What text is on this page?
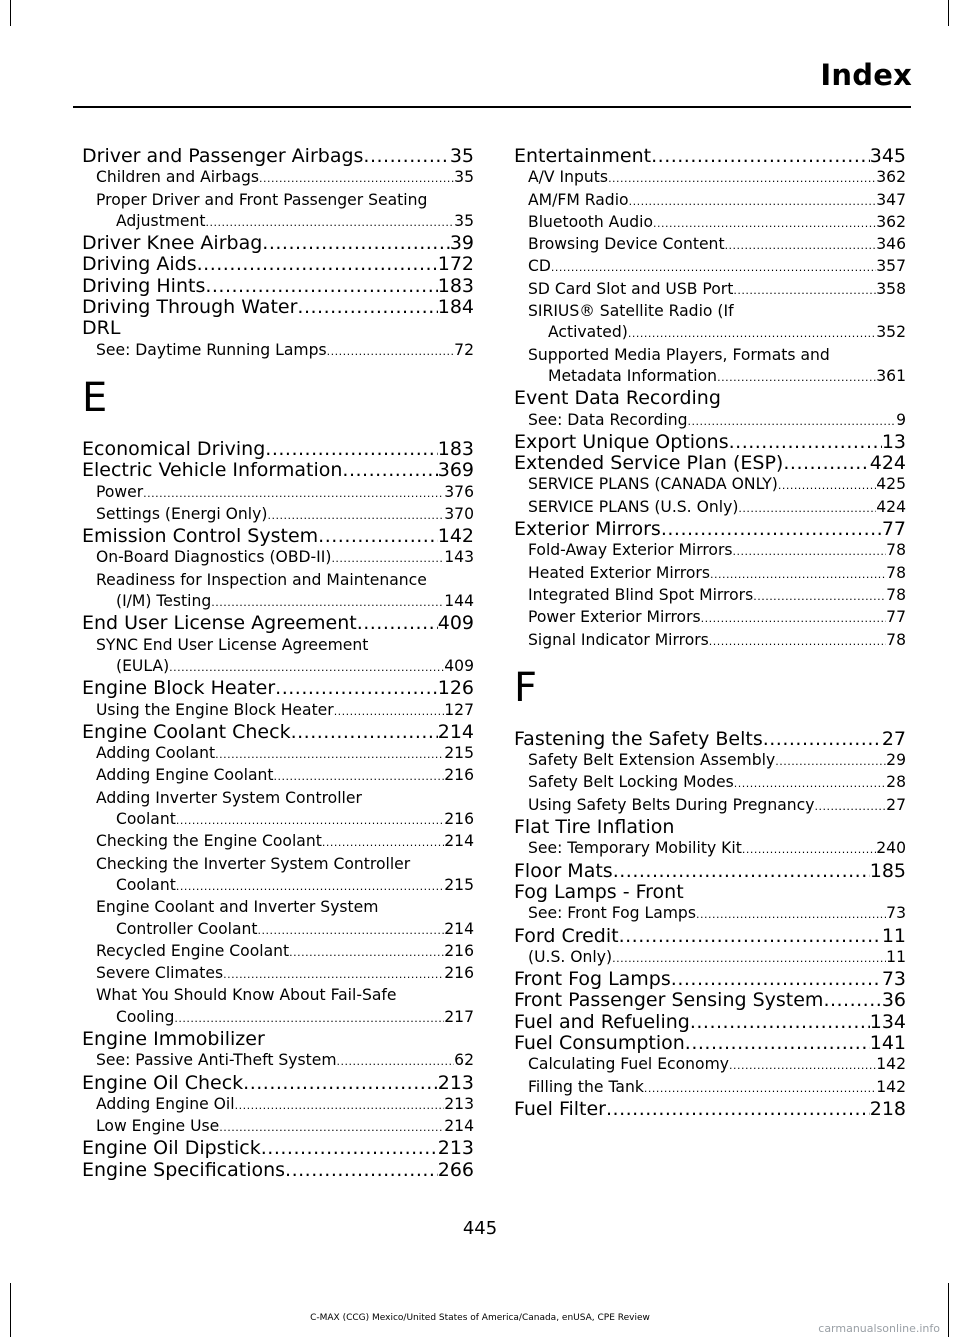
Index
Driver and Passenger Airbags .....	35
Children and Airbags .....	35
Proper Driver and Front Passenger Seating
Adjustment .....	35
Driver Knee Airbag .....	39
Driving Aids .....	172
Driving Hints .....	183
Driving Through Water .....	184
DRL
See: Daytime Running Lamps .....	72
E
Economical Driving .....	183
Electric Vehicle Information .....	369
Power .....	376
Settings (Energi Only) .....	370
Emission Control System .....	142
On-Board Diagnostics (OBD-II) .....	143
Readiness for Inspection and Maintenance
(I/M) Testing .....	144
End User License Agreement .....	409
SYNC End User License Agreement
(EULA) .....	409
Engine Block Heater .....	126
Using the Engine Block Heater .....	127
Engine Coolant Check .....	214
Adding Coolant .....	215
Adding Engine Coolant .....	216
Adding Inverter System Controller
Coolant .....	216
Checking the Engine Coolant .....	214
Checking the Inverter System Controller
Coolant .....	215
Engine Coolant and Inverter System
Controller Coolant .....	214
Recycled Engine Coolant .....	216
Severe Climates .....	216
What You Should Know About Fail-Safe
Cooling .....	217
Engine Immobilizer
See: Passive Anti-Theft System .....	62
Engine Oil Check .....	213
Adding Engine Oil .....	213
Low Engine Use .....	214
Engine Oil Dipstick .....	213
Engine Specifications .....	266
Entertainment .....	345
A/V Inputs .....	362
AM/FM Radio .....	347
Bluetooth Audio .....	362
Browsing Device Content .....	346
CD .....	357
SD Card Slot and USB Port .....	358
SIRIUS® Satellite Radio (If
Activated) .....	352
Supported Media Players, Formats and
Metadata Information .....	361
Event Data Recording
See: Data Recording .....	9
Export Unique Options .....	13
Extended Service Plan (ESP) .....	424
SERVICE PLANS (CANADA ONLY) .....	425
SERVICE PLANS (U.S. Only) .....	424
Exterior Mirrors .....	77
Fold-Away Exterior Mirrors .....	78
Heated Exterior Mirrors .....	78
Integrated Blind Spot Mirrors .....	78
Power Exterior Mirrors .....	77
Signal Indicator Mirrors .....	78
F
Fastening the Safety Belts .....	27
Safety Belt Extension Assembly .....	29
Safety Belt Locking Modes .....	28
Using Safety Belts During Pregnancy .....	27
Flat Tire Inflation
See: Temporary Mobility Kit .....	240
Floor Mats .....	185
Fog Lamps - Front
See: Front Fog Lamps .....	73
Ford Credit .....	11
(U.S. Only) .....	11
Front Fog Lamps .....	73
Front Passenger Sensing System .....	36
Fuel and Refueling .....	134
Fuel Consumption .....	141
Calculating Fuel Economy .....	142
Filling the Tank .....	142
Fuel Filter .....	218
445
C-MAX (CCG) Mexico/United States of America/Canada, enUSA, CPE Review
carmanualsonline.info
